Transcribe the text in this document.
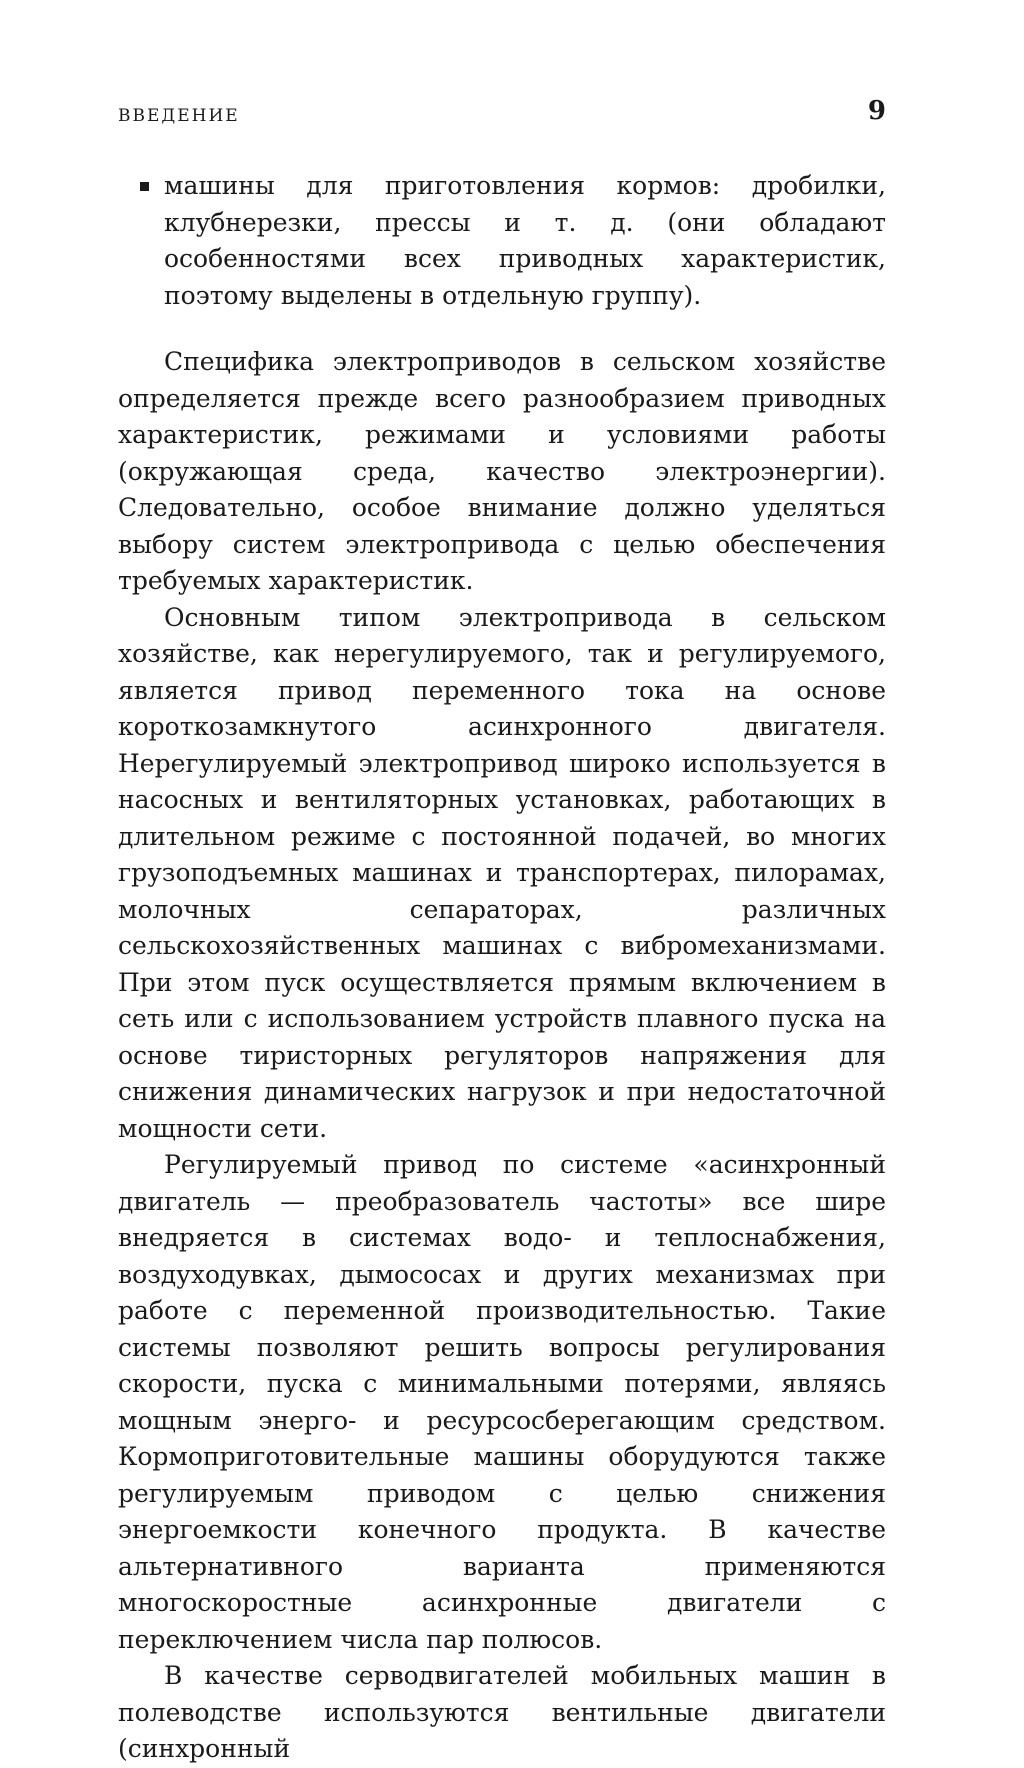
ВВЕДЕНИЕ	9
машины для приготовления кормов: дробилки, клубнерезки, прессы и т. д. (они обладают особенностями всех приводных характеристик, поэтому выделены в отдельную группу).

Специфика электроприводов в сельском хозяйстве определяется прежде всего разнообразием приводных характеристик, режимами и условиями работы (окружающая среда, качество электроэнергии). Следовательно, особое внимание должно уделяться выбору систем электропривода с целью обеспечения требуемых характеристик.

Основным типом электропривода в сельском хозяйстве, как нерегулируемого, так и регулируемого, является привод переменного тока на основе короткозамкнутого асинхронного двигателя. Нерегулируемый электропривод широко используется в насосных и вентиляторных установках, работающих в длительном режиме с постоянной подачей, во многих грузоподъемных машинах и транспортерах, пилорамах, молочных сепараторах, различных сельскохозяйственных машинах с вибромеханизмами. При этом пуск осуществляется прямым включением в сеть или с использованием устройств плавного пуска на основе тиристорных регуляторов напряжения для снижения динамических нагрузок и при недостаточной мощности сети.

Регулируемый привод по системе «асинхронный двигатель — преобразователь частоты» все шире внедряется в системах водо- и теплоснабжения, воздуходувках, дымососах и других механизмах при работе с переменной производительностью. Такие системы позволяют решить вопросы регулирования скорости, пуска с минимальными потерями, являясь мощным энерго- и ресурсосберегающим средством. Кормоприготовительные машины оборудуются также регулируемым приводом с целью снижения энергоемкости конечного продукта. В качестве альтернативного варианта применяются многоскоростные асинхронные двигатели с переключением числа пар полюсов.

В качестве серводвигателей мобильных машин в полеводстве используются вентильные двигатели (синхронный
